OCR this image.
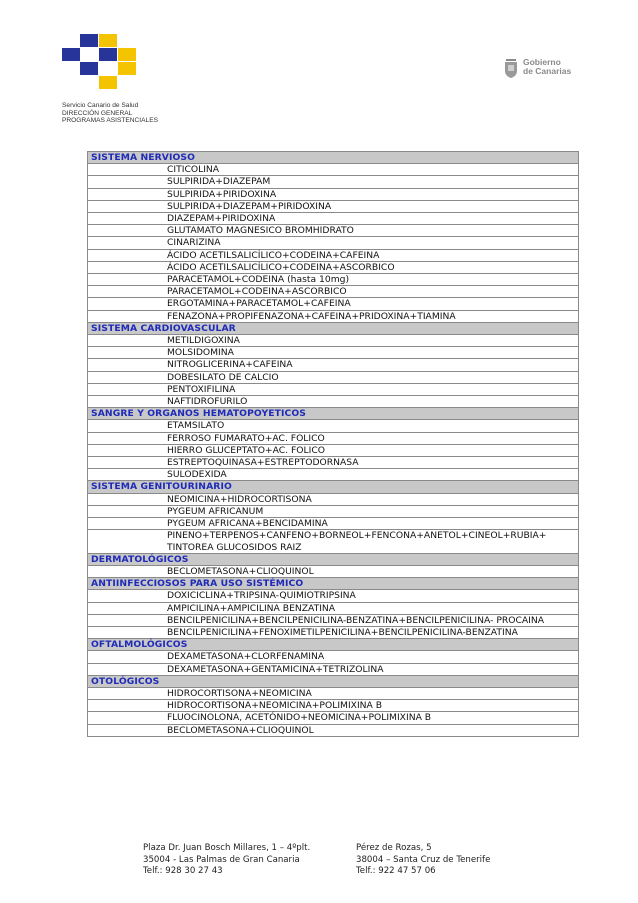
Gobierno
de Canarias
Servicio Canario de Salud
DIRECCIÓN GENERAL
PROGRAMAS ASISTENCIALES
SISTEMA NERVIOSO
CITICOLINA
SULPIRIDA+DIAZEPAM
SULPIRIDA+PIRIDOXINA
SULPIRIDA+DIAZEPAM+PIRIDOXINA
DIAZEPAM+PIRIDOXINA
GLUTAMATO MAGNESICO BROMHIDRATO
CINARIZINA
ÁCIDO ACETILSALICÍLICO+CODEINA+CAFEINA
ÁCIDO ACETILSALICÍLICO+CODEINA+ASCORBICO
PARACETAMOL+CODEINA (hasta 10mg)
PARACETAMOL+CODEINA+ASCORBICO
ERGOTAMINA+PARACETAMOL+CAFEINA
FENAZONA+PROPIFENAZONA+CAFEINA+PRIDOXINA+TIAMINA
SISTEMA CARDIOVASCULAR
METILDIGOXINA
MOLSIDOMINA
NITROGLICERINA+CAFEINA
DOBESILATO DE CALCIO
PENTOXIFILINA
NAFTIDROFURILO
SANGRE Y ORGANOS HEMATOPOYETICOS
ETAMSILATO
FERROSO FUMARATO+AC. FOLICO
HIERRO GLUCEPTATO+AC. FOLICO
ESTREPTOQUINASA+ESTREPTODORNASA
SULODEXIDA
SISTEMA GENITOURINARIO
NEOMICINA+HIDROCORTISONA
PYGEUM AFRICANUM
PYGEUM AFRICANA+BENCIDAMINA
PINENO+TERPENOS+CANFENO+BORNEOL+FENCONA+ANETOL+CINEOL+RUBIA+ TINTOREA GLUCOSIDOS RAIZ
DERMATOLÓGICOS
BECLOMETASONA+CLIOQUINOL
ANTIINFECCIOSOS PARA USO SISTÉMICO
DOXICICLINA+TRIPSINA-QUIMIOTRIPSINA
AMPICILINA+AMPICILINA BENZATINA
BENCILPENICILINA+BENCILPENICILINA-BENZATINA+BENCILPENICILINA- PROCAINA
BENCILPENICILINA+FENOXIMETILPENICILINA+BENCILPENICILINA-BENZATINA
OFTALMOLÓGICOS
DEXAMETASONA+CLORFENAMINA
DEXAMETASONA+GENTAMICINA+TETRIZOLINA
OTOLÓGICOS
HIDROCORTISONA+NEOMICINA
HIDROCORTISONA+NEOMICINA+POLIMIXINA B
FLUOCINOLONA, ACETÓNIDO+NEOMICINA+POLIMIXINA B
BECLOMETASONA+CLIOQUINOL
Plaza Dr. Juan Bosch Millares, 1 – 4ºplt.
35004 - Las Palmas de Gran Canaria
Telf.: 928 30 27 43
Pérez de Rozas, 5
38004 – Santa Cruz de Tenerife
Telf.: 922 47 57 06
